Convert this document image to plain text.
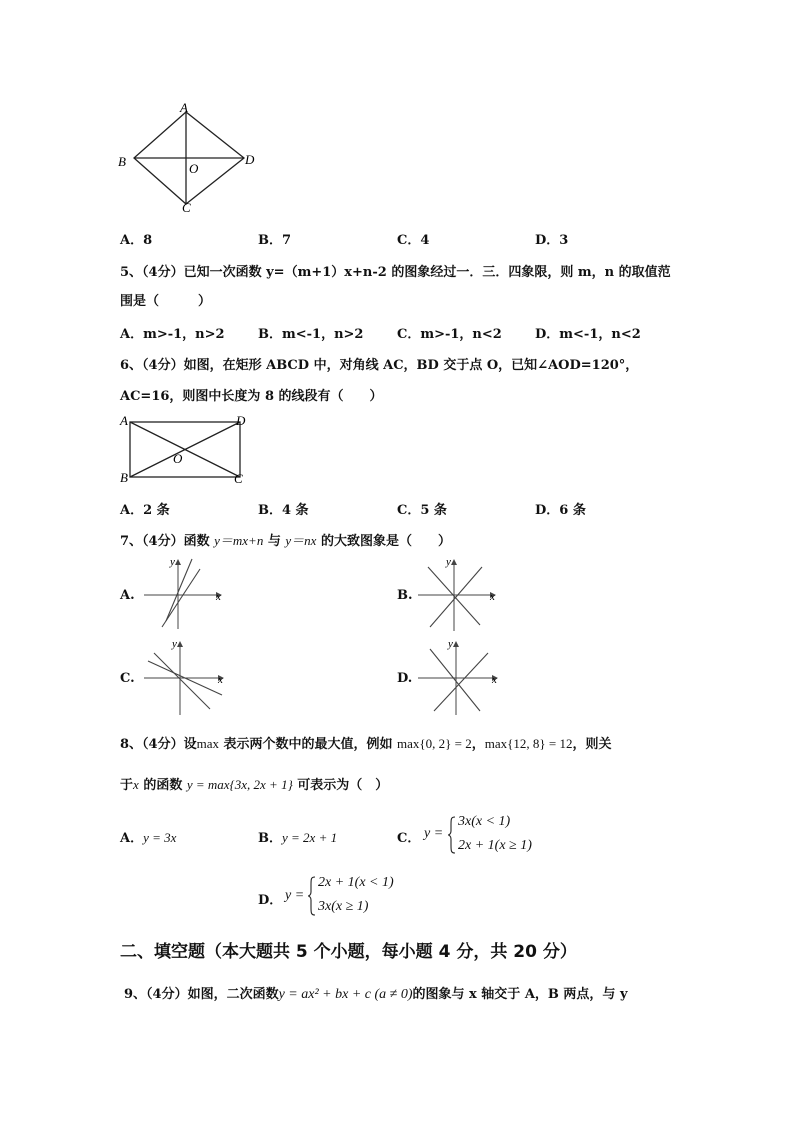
A
B
C
D
O
A．8	B．7	C．4	D．3
5、（4分）已知一次函数 y=（m+1）x+n-2 的图象经过一．三．四象限，则 m，n 的取值范
围是（　　　）
A．m>-1，n>2	B．m<-1，n>2	C．m>-1，n<2	D．m<-1，n<2
6、（4分）如图，在矩形 ABCD 中，对角线 AC，BD 交于点 O，已知∠AOD=120°，
AC=16，则图中长度为 8 的线段有（　　）
A	D
B	C
O
A．2 条	B．4 条	C．5 条	D．6 条
7、（4分）函数 y＝mx+n 与 y＝nx 的大致图象是（　　）
A.	B.
C.	D.
x
y
x
y
x
y
x
y
8、（4分）设max 表示两个数中的最大值，例如 max{0, 2} = 2，max{12, 8} = 12，则关
于x 的函数 y = max{3x, 2x + 1} 可表示为（　）
A．y = 3x	B．y = 2x + 1	C． y =
3x(x < 1)
2x + 1(x ≥ 1)
D． y =
2x + 1(x < 1)
3x(x ≥ 1)
二、填空题（本大题共 5 个小题，每小题 4 分，共 20 分）
9、（4分）如图，二次函数y = ax² + bx + c (a ≠ 0)的图象与 x 轴交于 A，B 两点，与 y
